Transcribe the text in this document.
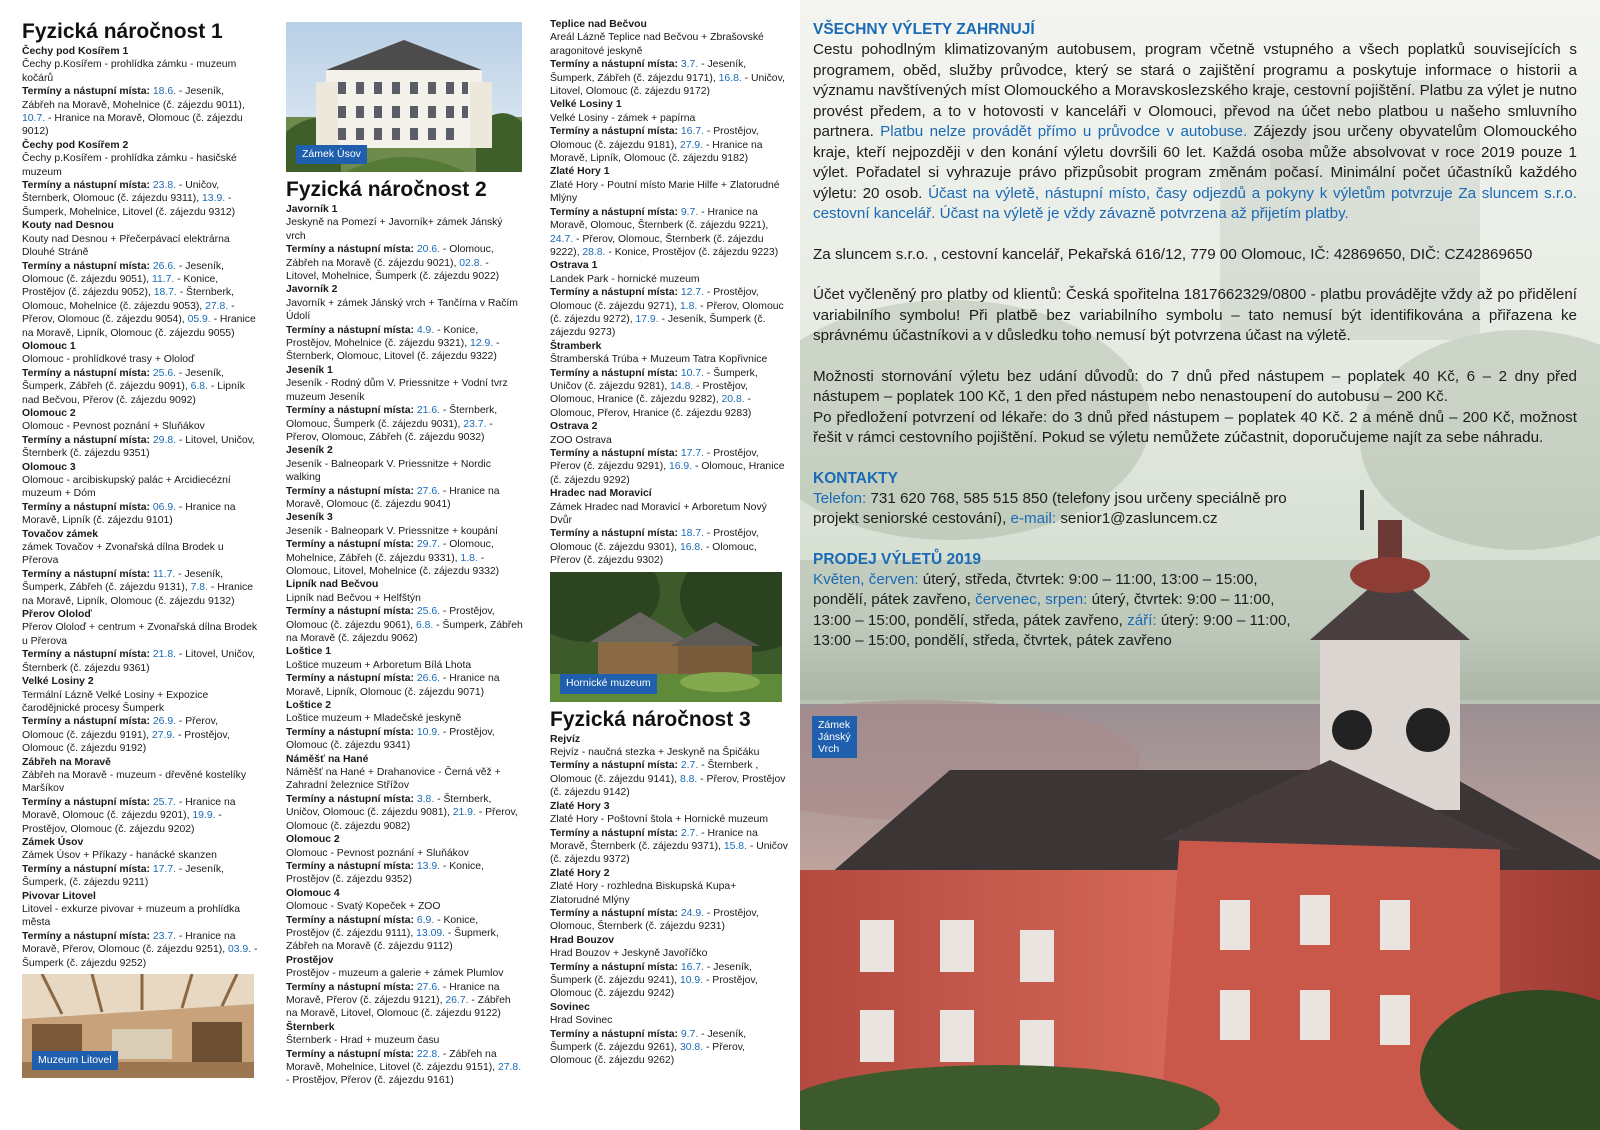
Fyzická náročnost 1
Čechy pod Kosířem 1
Čechy p.Kosířem - prohlídka zámku - muzeum kočárů
Termíny a nástupní místa: 18.6. - Jeseník, Zábřeh na Moravě, Mohelnice (č. zájezdu 9011), 10.7. - Hranice na Moravě, Olomouc (č. zájezdu 9012)
Čechy pod Kosířem 2
Čechy p.Kosířem - prohlídka zámku - hasičské muzeum
Termíny a nástupní místa: 23.8. - Uničov, Šternberk, Olomouc (č. zájezdu 9311), 13.9. - Šumperk, Mohelnice, Litovel (č. zájezdu 9312)
Kouty nad Desnou
Kouty nad Desnou + Přečerpávací elektrárna Dlouhé Stráně
Termíny a nástupní místa: 26.6. - Jeseník, Olomouc (č. zájezdu 9051), 11.7. - Konice, Prostějov (č. zájezdu 9052), 18.7. - Šternberk, Olomouc, Mohelnice (č. zájezdu 9053), 27.8. - Přerov, Olomouc (č. zájezdu 9054), 05.9. - Hranice na Moravě, Lipník, Olomouc (č. zájezdu 9055)
Olomouc 1
Olomouc - prohlídkové trasy + Ololoď
Termíny a nástupní místa: 25.6. - Jeseník, Šumperk, Zábřeh (č. zájezdu 9091), 6.8. - Lipník nad Bečvou, Přerov (č. zájezdu 9092)
Olomouc 2
Olomouc - Pevnost poznání + Sluňákov
Termíny a nástupní místa: 29.8. - Litovel, Uničov, Šternberk (č. zájezdu 9351)
Olomouc 3
Olomouc - arcibiskupský palác + Arcidiecézní muzeum + Dóm
Termíny a nástupní místa: 06.9. - Hranice na Moravě, Lipník (č. zájezdu 9101)
Tovačov zámek
zámek Tovačov + Zvonařská dílna Brodek u Přerova
Termíny a nástupní místa: 11.7. - Jeseník, Šumperk, Zábřeh (č. zájezdu 9131), 7.8. - Hranice na Moravě, Lipník, Olomouc (č. zájezdu 9132)
Přerov Ololoď
Přerov Ololoď + centrum + Zvonařská dílna Brodek u Přerova
Termíny a nástupní místa: 21.8. - Litovel, Uničov, Šternberk (č. zájezdu 9361)
Velké Losiny 2
Termální Lázně Velké Losiny + Expozice čarodějnické procesy Šumperk
Termíny a nástupní místa: 26.9. - Přerov, Olomouc (č. zájezdu 9191), 27.9. - Prostějov, Olomouc (č. zájezdu 9192)
Zábřeh na Moravě
Zábřeh na Moravě - muzeum - dřevěné kostelíky Maršíkov
Termíny a nástupní místa: 25.7. - Hranice na Moravě, Olomouc (č. zájezdu 9201), 19.9. - Prostějov, Olomouc (č. zájezdu 9202)
Zámek Úsov
Zámek Úsov + Příkazy - hanácké skanzen
Termíny a nástupní místa: 17.7. - Jeseník, Šumperk, (č. zájezdu 9211)
Pivovar Litovel
Litovel - exkurze pivovar + muzeum a prohlídka města
Termíny a nástupní místa: 23.7. - Hranice na Moravě, Přerov, Olomouc (č. zájezdu 9251), 03.9. - Šumperk (č. zájezdu 9252)
Muzeum Litovel
Zámek Úsov
Fyzická náročnost 2
Javorník 1
Jeskyně na Pomezí + Javorník+ zámek Jánský vrch
Termíny a nástupní místa: 20.6. - Olomouc, Zábřeh na Moravě (č. zájezdu 9021), 02.8. - Litovel, Mohelnice, Šumperk (č. zájezdu 9022)
Javorník 2
Javorník + zámek Jánský vrch + Tančírna v Račím Údolí
Termíny a nástupní místa: 4.9. - Konice, Prostějov, Mohelnice (č. zájezdu 9321), 12.9. - Šternberk, Olomouc, Litovel (č. zájezdu 9322)
Jeseník 1
Jeseník - Rodný dům V. Priessnitze + Vodní tvrz muzeum Jeseník
Termíny a nástupní místa: 21.6. - Šternberk, Olomouc, Šumperk (č. zájezdu 9031), 23.7. - Přerov, Olomouc, Zábřeh (č. zájezdu 9032)
Jeseník 2
Jeseník - Balneopark V. Priessnitze + Nordic walking
Termíny a nástupní místa: 27.6. - Hranice na Moravě, Olomouc (č. zájezdu 9041)
Jeseník 3
Jeseník - Balneopark V. Priessnitze + koupání
Termíny a nástupní místa: 29.7. - Olomouc, Mohelnice, Zábřeh (č. zájezdu 9331), 1.8. - Olomouc, Litovel, Mohelnice (č. zájezdu 9332)
Lipník nad Bečvou
Lipník nad Bečvou + Helfštýn
Termíny a nástupní místa: 25.6. - Prostějov, Olomouc (č. zájezdu 9061), 6.8. - Šumperk, Zábřeh na Moravě (č. zájezdu 9062)
Loštice 1
Loštice muzeum + Arboretum Bílá Lhota
Termíny a nástupní místa: 26.6. - Hranice na Moravě, Lipník, Olomouc (č. zájezdu 9071)
Loštice 2
Loštice muzeum + Mladečské jeskyně
Termíny a nástupní místa: 10.9. - Prostějov, Olomouc (č. zájezdu 9341)
Náměšť na Hané
Náměšť na Hané + Drahanovice - Černá věž + Zahradní železnice Střížov
Termíny a nástupní místa: 3.8. - Šternberk, Uničov, Olomouc (č. zájezdu 9081), 21.9. - Přerov, Olomouc (č. zájezdu 9082)
Olomouc 2
Olomouc - Pevnost poznání + Sluňákov
Termíny a nástupní místa: 13.9. - Konice, Prostějov (č. zájezdu 9352)
Olomouc 4
Olomouc - Svatý Kopeček + ZOO
Termíny a nástupní místa: 6.9. - Konice, Prostějov (č. zájezdu 9111), 13.09. - Šupmerk, Zábřeh na Moravě (č. zájezdu 9112)
Prostějov
Prostějov - muzeum a galerie + zámek Plumlov
Termíny a nástupní místa: 27.6. - Hranice na Moravě, Přerov (č. zájezdu 9121), 26.7. - Zábřeh na Moravě, Litovel, Olomouc (č. zájezdu 9122)
Šternberk
Šternberk - Hrad + muzeum času
Termíny a nástupní místa: 22.8. - Zábřeh na Moravě, Mohelnice, Litovel (č. zájezdu 9151), 27.8. - Prostějov, Přerov (č. zájezdu 9161)
Teplice nad Bečvou
Areál Lázně Teplice nad Bečvou + Zbrašovské aragonitové jeskyně
Termíny a nástupní místa: 3.7. - Jeseník, Šumperk, Zábřeh (č. zájezdu 9171), 16.8. - Uničov, Litovel, Olomouc (č. zájezdu 9172)
Velké Losiny 1
Velké Losiny - zámek + papírna
Termíny a nástupní místa: 16.7. - Prostějov, Olomouc (č. zájezdu 9181), 27.9. - Hranice na Moravě, Lipník, Olomouc (č. zájezdu 9182)
Zlaté Hory 1
Zlaté Hory - Poutní místo Marie Hilfe + Zlatorudné Mlýny
Termíny a nástupní místa: 9.7. - Hranice na Moravě, Olomouc, Šternberk (č. zájezdu 9221), 24.7. - Přerov, Olomouc, Šternberk (č. zájezdu 9222), 28.8. - Konice, Prostějov (č. zájezdu 9223)
Ostrava 1
Landek Park - hornické muzeum
Termíny a nástupní místa: 12.7. - Prostějov, Olomouc (č. zájezdu 9271), 1.8. - Přerov, Olomouc (č. zájezdu 9272), 17.9. - Jeseník, Šumperk (č. zájezdu 9273)
Štramberk
Štramberská Trúba + Muzeum Tatra Kopřivnice
Termíny a nástupní místa: 10.7. - Šumperk, Uničov (č. zájezdu 9281), 14.8. - Prostějov, Olomouc, Hranice (č. zájezdu 9282), 20.8. - Olomouc, Přerov, Hranice (č. zájezdu 9283)
Ostrava 2
ZOO Ostrava
Termíny a nástupní místa: 17.7. - Prostějov, Přerov (č. zájezdu 9291), 16.9. - Olomouc, Hranice (č. zájezdu 9292)
Hradec nad Moravicí
Zámek Hradec nad Moravicí + Arboretum Nový Dvůr
Termíny a nástupní místa: 18.7. - Prostějov, Olomouc (č. zájezdu 9301), 16.8. - Olomouc, Přerov (č. zájezdu 9302)
Hornické muzeum
Fyzická náročnost 3
Rejvíz
Rejvíz - naučná stezka + Jeskyně na Špičáku
Termíny a nástupní místa: 2.7. - Šternberk , Olomouc (č. zájezdu 9141), 8.8. - Přerov, Prostějov (č. zájezdu 9142)
Zlaté Hory 3
Zlaté Hory - Poštovní štola + Hornické muzeum
Termíny a nástupní místa: 2.7. - Hranice na Moravě, Šternberk (č. zájezdu 9371), 15.8. - Uničov (č. zájezdu 9372)
Zlaté Hory 2
Zlaté Hory - rozhledna Biskupská Kupa+ Zlatorudné Mlýny
Termíny a nástupní místa: 24.9. - Prostějov, Olomouc, Šternberk (č. zájezdu 9231)
Hrad Bouzov
Hrad Bouzov + Jeskyně Javoříčko
Termíny a nástupní místa: 16.7. - Jeseník, Šumperk (č. zájezdu 9241), 10.9. - Prostějov, Olomouc (č. zájezdu 9242)
Sovinec
Hrad Sovinec
Termíny a nástupní místa: 9.7. - Jeseník, Šumperk (č. zájezdu 9261), 30.8. - Přerov, Olomouc (č. zájezdu 9262)
Zámek Jánský Vrch
VŠECHNY VÝLETY ZAHRNUJÍ

Cestu pohodlným klimatizovaným autobusem, program včetně vstupného a všech poplatků souvisejících s programem, oběd, služby průvodce, který se stará o zajištění programu a poskytuje informace o historii a významu navštívených míst Olomouckého a Moravskoslezského kraje, cestovní pojištění. Platbu za výlet je nutno provést předem, a to v hotovosti v kanceláři v Olomouci, převod na účet nebo platbou u našeho smluvního partnera. Platbu nelze provádět přímo u průvodce v autobuse. Zájezdy jsou určeny obyvatelům Olomouckého kraje, kteří nejpozději v den konání výletu dovršili 60 let. Každá osoba může absolvovat v roce 2019 pouze 1 výlet. Pořadatel si vyhrazuje právo přizpůsobit program změnám počasí. Minimální počet účastníků každého výletu: 20 osob. Účast na výletě, nástupní místo, časy odjezdů a pokyny k výletům potvrzuje Za sluncem s.r.o. cestovní kancelář. Účast na výletě je vždy závazně potvrzena až přijetím platby.

Za sluncem s.r.o. , cestovní kancelář, Pekařská 616/12, 779 00 Olomouc, IČ: 42869650, DIČ: CZ42869650

Účet vyčleněný pro platby od klientů: Česká spořitelna 1817662329/0800 - platbu provádějte vždy až po přidělení variabilního symbolu! Při platbě bez variabilního symbolu – tato nemusí být identifikována a přiřazena ke správnému účastníkovi a v důsledku toho nemusí být potvrzena účast na výletě.

Možnosti stornování výletu bez udání důvodů: do 7 dnů před nástupem – poplatek 40 Kč, 6 – 2 dny před nástupem – poplatek 100 Kč, 1 den před nástupem nebo nenastoupení do autobusu – 200 Kč.

Po předložení potvrzení od lékaře: do 3 dnů před nástupem – poplatek 40 Kč. 2 a méně dnů – 200 Kč, možnost řešit v rámci cestovního pojištění. Pokud se výletu nemůžete zúčastnit, doporučujeme najít za sebe náhradu.

KONTAKTY

Telefon: 731 620 768, 585 515 850 (telefony jsou určeny speciálně pro projekt seniorské cestování), e-mail: senior1@zasluncem.cz

PRODEJ VÝLETŮ 2019

Květen, červen: úterý, středa, čtvrtek: 9:00 – 11:00, 13:00 – 15:00, pondělí, pátek zavřeno, červenec, srpen: úterý, čtvrtek: 9:00 – 11:00, 13:00 – 15:00, pondělí, středa, pátek zavřeno, září: úterý: 9:00 – 11:00, 13:00 – 15:00, pondělí, středa, čtvrtek, pátek zavřeno
